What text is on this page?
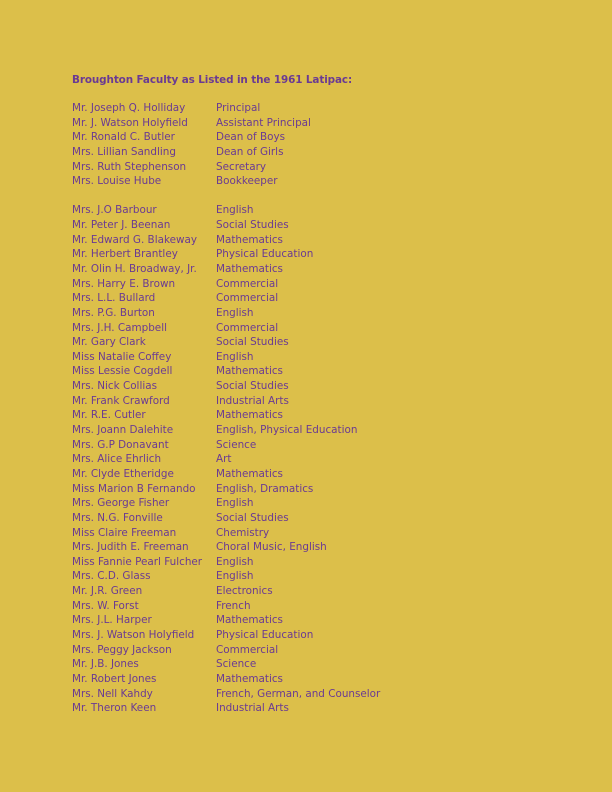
Broughton Faculty as Listed in the 1961 Latipac:
Mr. Joseph Q. Holliday	Principal
Mr. J. Watson Holyfield	Assistant Principal
Mr. Ronald C. Butler	Dean of Boys
Mrs. Lillian Sandling	Dean of Girls
Mrs. Ruth Stephenson	Secretary
Mrs. Louise Hube	Bookkeeper
Mrs. J.O Barbour	English
Mr. Peter J. Beenan	Social Studies
Mr. Edward G. Blakeway	Mathematics
Mr. Herbert Brantley	Physical Education
Mr. Olin H. Broadway, Jr.	Mathematics
Mrs. Harry E. Brown	Commercial
Mrs. L.L. Bullard	Commercial
Mrs. P.G. Burton	English
Mrs. J.H. Campbell	Commercial
Mr. Gary Clark	Social Studies
Miss Natalie Coffey	English
Miss Lessie Cogdell	Mathematics
Mrs. Nick Collias	Social Studies
Mr. Frank Crawford	Industrial Arts
Mr. R.E. Cutler	Mathematics
Mrs. Joann Dalehite	English, Physical Education
Mrs. G.P Donavant	Science
Mrs. Alice Ehrlich	Art
Mr. Clyde Etheridge	Mathematics
Miss Marion B Fernando	English, Dramatics
Mrs. George Fisher	English
Mrs. N.G. Fonville	Social Studies
Miss Claire Freeman	Chemistry
Mrs. Judith E. Freeman	Choral Music, English
Miss Fannie Pearl Fulcher	English
Mrs. C.D. Glass	English
Mr. J.R. Green	Electronics
Mrs. W. Forst	French
Mrs. J.L. Harper	Mathematics
Mrs. J. Watson Holyfield	Physical Education
Mrs. Peggy Jackson	Commercial
Mr. J.B. Jones	Science
Mr. Robert Jones	Mathematics
Mrs. Nell Kahdy	French, German, and Counselor
Mr. Theron Keen	Industrial Arts
